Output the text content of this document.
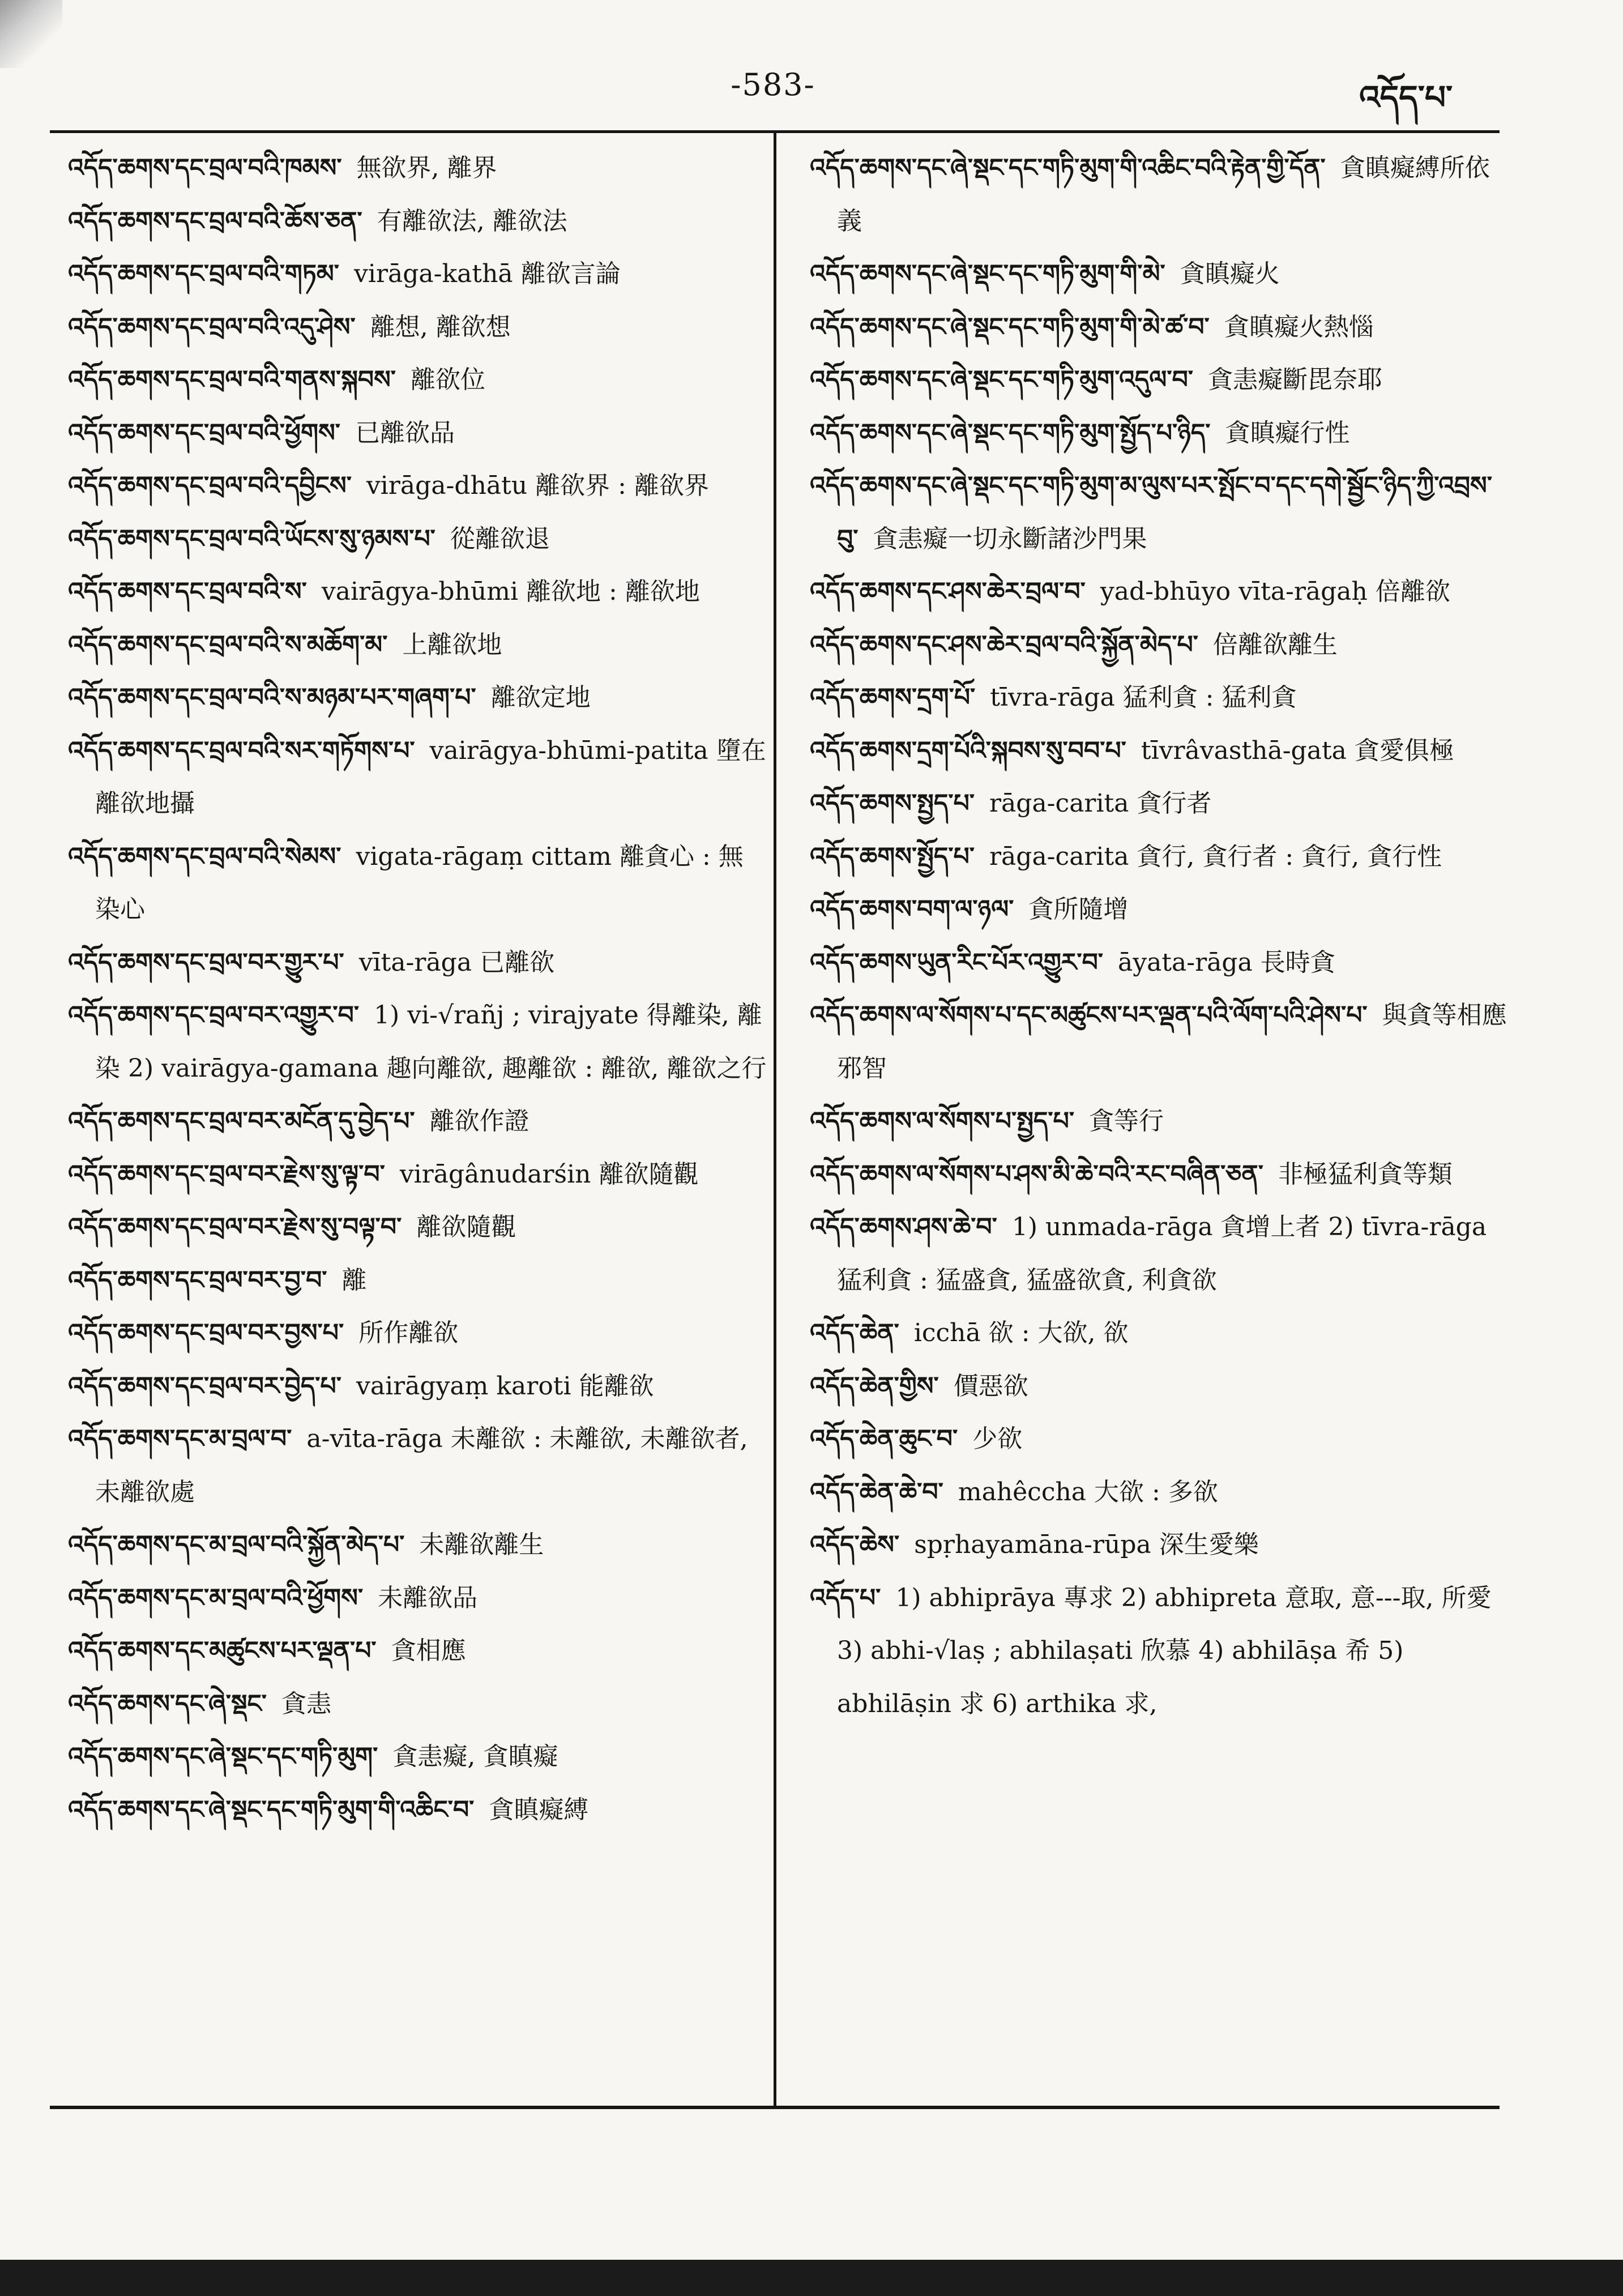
-583-	འདོད་པ་

འདོད་ཆགས་དང་བྲལ་བའི་ཁམས་ 無欲界, 離界

འདོད་ཆགས་དང་བྲལ་བའི་ཆོས་ཅན་ 有離欲法, 離欲法

འདོད་ཆགས་དང་བྲལ་བའི་གཏམ་ virāga-kathā 離欲言論

འདོད་ཆགས་དང་བྲལ་བའི་འདུ་ཤེས་ 離想, 離欲想

འདོད་ཆགས་དང་བྲལ་བའི་གནས་སྐབས་ 離欲位

འདོད་ཆགས་དང་བྲལ་བའི་ཕྱོགས་ 已離欲品

འདོད་ཆགས་དང་བྲལ་བའི་དབྱིངས་ virāga-dhātu 離欲界 : 離欲界

འདོད་ཆགས་དང་བྲལ་བའི་ཡོངས་སུ་ཉམས་པ་ 從離欲退

འདོད་ཆགས་དང་བྲལ་བའི་ས་ vairāgya-bhūmi 離欲地 : 離欲地

འདོད་ཆགས་དང་བྲལ་བའི་ས་མཆོག་མ་ 上離欲地

འདོད་ཆགས་དང་བྲལ་བའི་ས་མཉམ་པར་གཞག་པ་ 離欲定地

འདོད་ཆགས་དང་བྲལ་བའི་སར་གཏོགས་པ་ vairāgya-bhūmi-patita 墮在離欲地攝

འདོད་ཆགས་དང་བྲལ་བའི་སེམས་ vigata-rāgaṃ cittam 離貪心 : 無染心

འདོད་ཆགས་དང་བྲལ་བར་གྱུར་པ་ vīta-rāga 已離欲

འདོད་ཆགས་དང་བྲལ་བར་འགྱུར་བ་ 1) vi-√rañj ; virajyate 得離染, 離染 2) vairāgya-gamana 趣向離欲, 趣離欲 : 離欲, 離欲之行

འདོད་ཆགས་དང་བྲལ་བར་མངོན་དུ་བྱེད་པ་ 離欲作證

འདོད་ཆགས་དང་བྲལ་བར་རྗེས་སུ་ལྟ་བ་ virāgânudarśin 離欲隨觀

འདོད་ཆགས་དང་བྲལ་བར་རྗེས་སུ་བལྟ་བ་ 離欲隨觀

འདོད་ཆགས་དང་བྲལ་བར་བྱ་བ་ 離

འདོད་ཆགས་དང་བྲལ་བར་བྱས་པ་ 所作離欲

འདོད་ཆགས་དང་བྲལ་བར་བྱེད་པ་ vairāgyaṃ karoti 能離欲

འདོད་ཆགས་དང་མ་བྲལ་བ་ a-vīta-rāga 未離欲 : 未離欲, 未離欲者, 未離欲處

འདོད་ཆགས་དང་མ་བྲལ་བའི་སྐྱོན་མེད་པ་ 未離欲離生

འདོད་ཆགས་དང་མ་བྲལ་བའི་ཕྱོགས་ 未離欲品

འདོད་ཆགས་དང་མཚུངས་པར་ལྡན་པ་ 貪相應

འདོད་ཆགས་དང་ཞེ་སྡང་ 貪恚

འདོད་ཆགས་དང་ཞེ་སྡང་དང་གཏི་མུག་ 貪恚癡, 貪瞋癡

འདོད་ཆགས་དང་ཞེ་སྡང་དང་གཏི་མུག་གི་འཆིང་བ་ 貪瞋癡縛

འདོད་ཆགས་དང་ཞེ་སྡང་དང་གཏི་མུག་གི་འཆིང་བའི་རྟེན་གྱི་དོན་ 貪瞋癡縛所依義

འདོད་ཆགས་དང་ཞེ་སྡང་དང་གཏི་མུག་གི་མེ་ 貪瞋癡火

འདོད་ཆགས་དང་ཞེ་སྡང་དང་གཏི་མུག་གི་མེ་ཚ་བ་ 貪瞋癡火熱惱

འདོད་ཆགས་དང་ཞེ་སྡང་དང་གཏི་མུག་འདུལ་བ་ 貪恚癡斷毘奈耶

འདོད་ཆགས་དང་ཞེ་སྡང་དང་གཏི་མུག་སྤྱོད་པ་ཉིད་ 貪瞋癡行性

འདོད་ཆགས་དང་ཞེ་སྡང་དང་གཏི་མུག་མ་ལུས་པར་སྤོང་བ་དང་དགེ་སྦྱོང་ཉིད་ཀྱི་འབྲས་བུ་ 貪恚癡一切永斷諸沙門果

འདོད་ཆགས་དང་ཤས་ཆེར་བྲལ་བ་ yad-bhūyo vīta-rāgaḥ 倍離欲

འདོད་ཆགས་དང་ཤས་ཆེར་བྲལ་བའི་སྐྱོན་མེད་པ་ 倍離欲離生

འདོད་ཆགས་དྲག་པོ་ tīvra-rāga 猛利貪 : 猛利貪

འདོད་ཆགས་དྲག་པོའི་སྐབས་སུ་བབ་པ་ tīvrâvasthā-gata 貪愛俱極

འདོད་ཆགས་སྤྱད་པ་ rāga-carita 貪行者

འདོད་ཆགས་སྤྱོད་པ་ rāga-carita 貪行, 貪行者 : 貪行, 貪行性

འདོད་ཆགས་བག་ལ་ཉལ་ 貪所隨增

འདོད་ཆགས་ཡུན་རིང་པོར་འགྱུར་བ་ āyata-rāga 長時貪

འདོད་ཆགས་ལ་སོགས་པ་དང་མཚུངས་པར་ལྡན་པའི་ལོག་པའི་ཤེས་པ་ 與貪等相應邪智

འདོད་ཆགས་ལ་སོགས་པ་སྤྱད་པ་ 貪等行

འདོད་ཆགས་ལ་སོགས་པ་ཤས་མི་ཆེ་བའི་རང་བཞིན་ཅན་ 非極猛利貪等類

འདོད་ཆགས་ཤས་ཆེ་བ་ 1) unmada-rāga 貪增上者 2) tīvra-rāga 猛利貪 : 猛盛貪, 猛盛欲貪, 利貪欲

འདོད་ཆེན་ icchā 欲 : 大欲, 欲

འདོད་ཆེན་གྱིས་ 價惡欲

འདོད་ཆེན་ཆུང་བ་ 少欲

འདོད་ཆེན་ཆེ་བ་ mahêccha 大欲 : 多欲

འདོད་ཆེས་ spṛhayamāna-rūpa 深生愛樂

འདོད་པ་ 1) abhiprāya 專求 2) abhipreta 意取, 意---取, 所愛 3) abhi-√laṣ ; abhilaṣati 欣慕 4) abhilāṣa 希 5) abhilāṣin 求 6) arthika 求,
